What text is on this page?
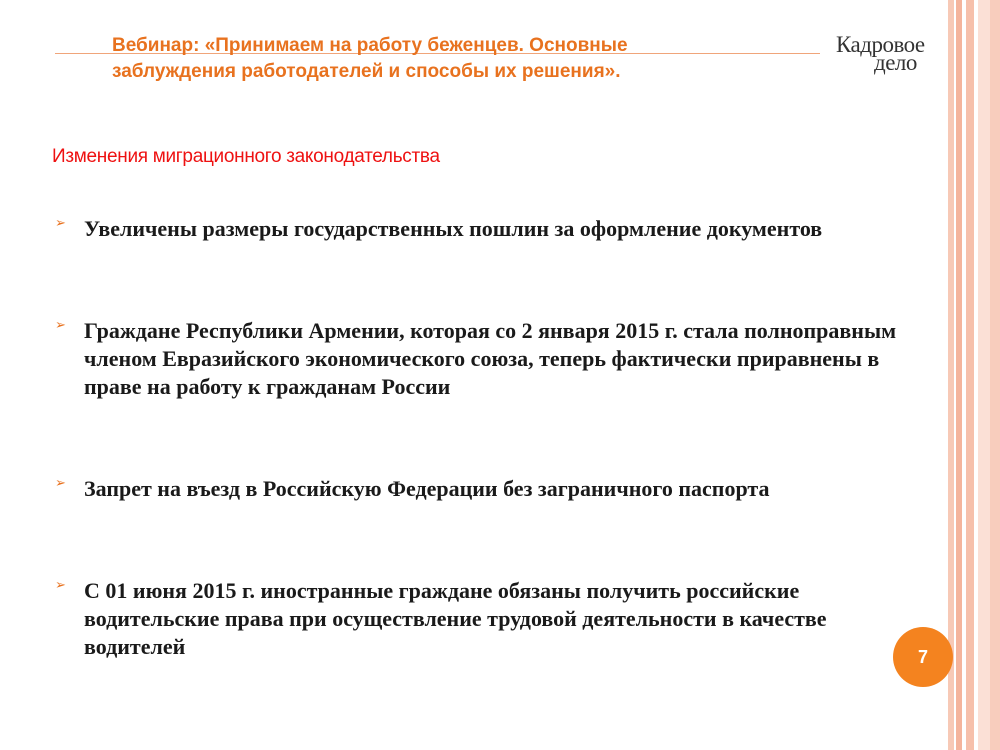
Вебинар: «Принимаем на работу беженцев. Основные заблуждения работодателей и способы их решения».
Кадровое
дело
Изменения миграционного законодательства
➢ Увеличены размеры государственных пошлин за оформление документов
➢ Граждане Республики Армении, которая со 2 января 2015 г. стала полноправным членом Евразийского экономического союза, теперь фактически приравнены в праве на работу к гражданам России
➢ Запрет на въезд в Российскую Федерации без заграничного паспорта
➢ С 01 июня 2015 г. иностранные граждане обязаны получить российские водительские права при осуществление трудовой деятельности в качестве водителей	7
